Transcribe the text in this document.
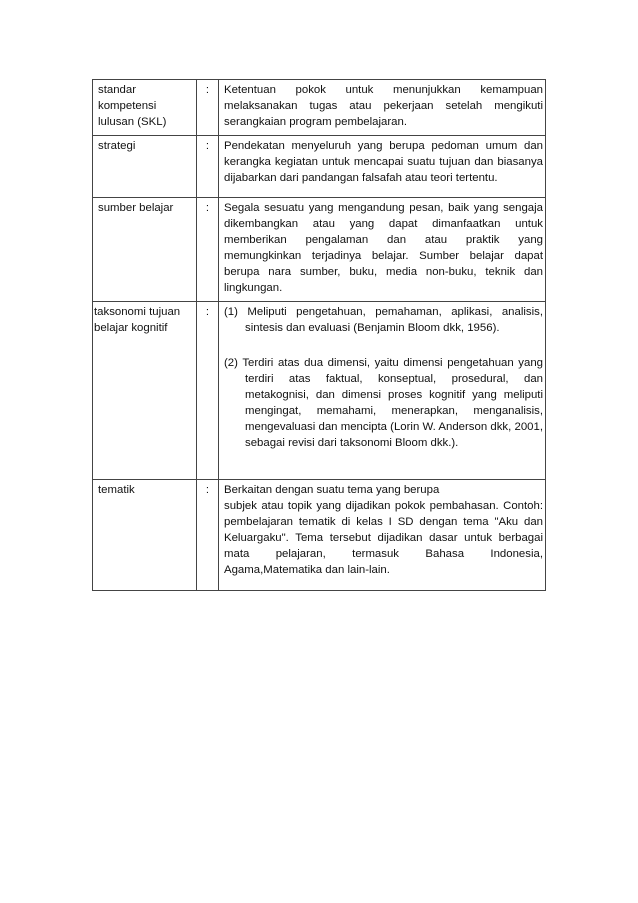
standar kompetensi lulusan (SKL)	:	Ketentuan pokok untuk menunjukkan kemampuan melaksanakan tugas atau pekerjaan setelah mengikuti serangkaian program pembelajaran.

strategi	:	Pendekatan menyeluruh yang berupa pedoman umum dan kerangka kegiatan untuk mencapai suatu tujuan dan biasanya dijabarkan dari pandangan falsafah atau teori tertentu.

sumber belajar	:	Segala sesuatu yang mengandung pesan, baik yang sengaja dikembangkan atau yang dapat dimanfaatkan untuk memberikan pengalaman dan atau praktik yang memungkinkan terjadinya belajar. Sumber belajar dapat berupa nara sumber, buku, media non-buku, teknik dan lingkungan.

taksonomi tujuan belajar kognitif	:	(1) Meliputi pengetahuan, pemahaman, aplikasi, analisis, sintesis dan evaluasi (Benjamin Bloom dkk, 1956).
(2) Terdiri atas dua dimensi, yaitu dimensi pengetahuan yang terdiri atas faktual, konseptual, prosedural, dan metakognisi, dan dimensi proses kognitif yang meliputi mengingat, memahami, menerapkan, menganalisis, mengevaluasi dan mencipta (Lorin W. Anderson dkk, 2001, sebagai revisi dari taksonomi Bloom dkk.).

tematik	:	Berkaitan dengan suatu tema yang berupa
subjek atau topik yang dijadikan pokok pembahasan. Contoh: pembelajaran tematik di kelas I SD dengan tema "Aku dan Keluargaku". Tema tersebut dijadikan dasar untuk berbagai mata pelajaran, termasuk Bahasa Indonesia, Agama,Matematika dan lain-lain.
